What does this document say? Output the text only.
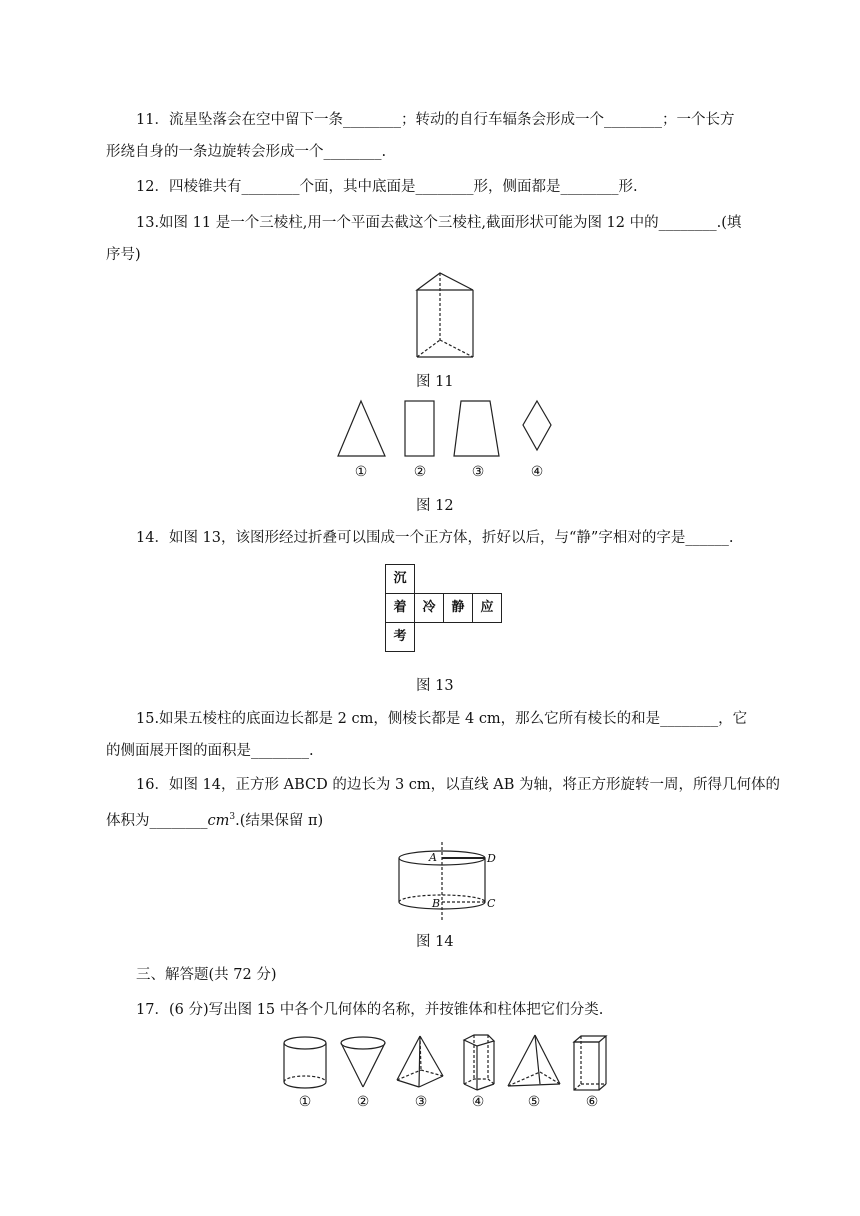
11．流星坠落会在空中留下一条________；转动的自行车辐条会形成一个________；一个长方
形绕自身的一条边旋转会形成一个________.
12．四棱锥共有________个面，其中底面是________形，侧面都是________形.
13.如图 11 是一个三棱柱,用一个平面去截这个三棱柱,截面形状可能为图 12 中的________.(填
序号)
图 11
①	②	③	④
图 12
14．如图 13，该图形经过折叠可以围成一个正方体，折好以后，与“静”字相对的字是______.
沉
着	冷	静	应
考
图 13
15.如果五棱柱的底面边长都是 2 cm，侧棱长都是 4 cm，那么它所有棱长的和是________，它
的侧面展开图的面积是________.
16．如图 14，正方形 ABCD 的边长为 3 cm，以直线 AB 为轴，将正方形旋转一周，所得几何体的
体积为$\_\_\_\_\_\_\_\_cm^3$.(结果保留 π)
A	D
B	C
图 14
三、解答题(共 72 分)
17．(6 分)写出图 15 中各个几何体的名称，并按锥体和柱体把它们分类.
①	②	③	④	⑤	⑥
